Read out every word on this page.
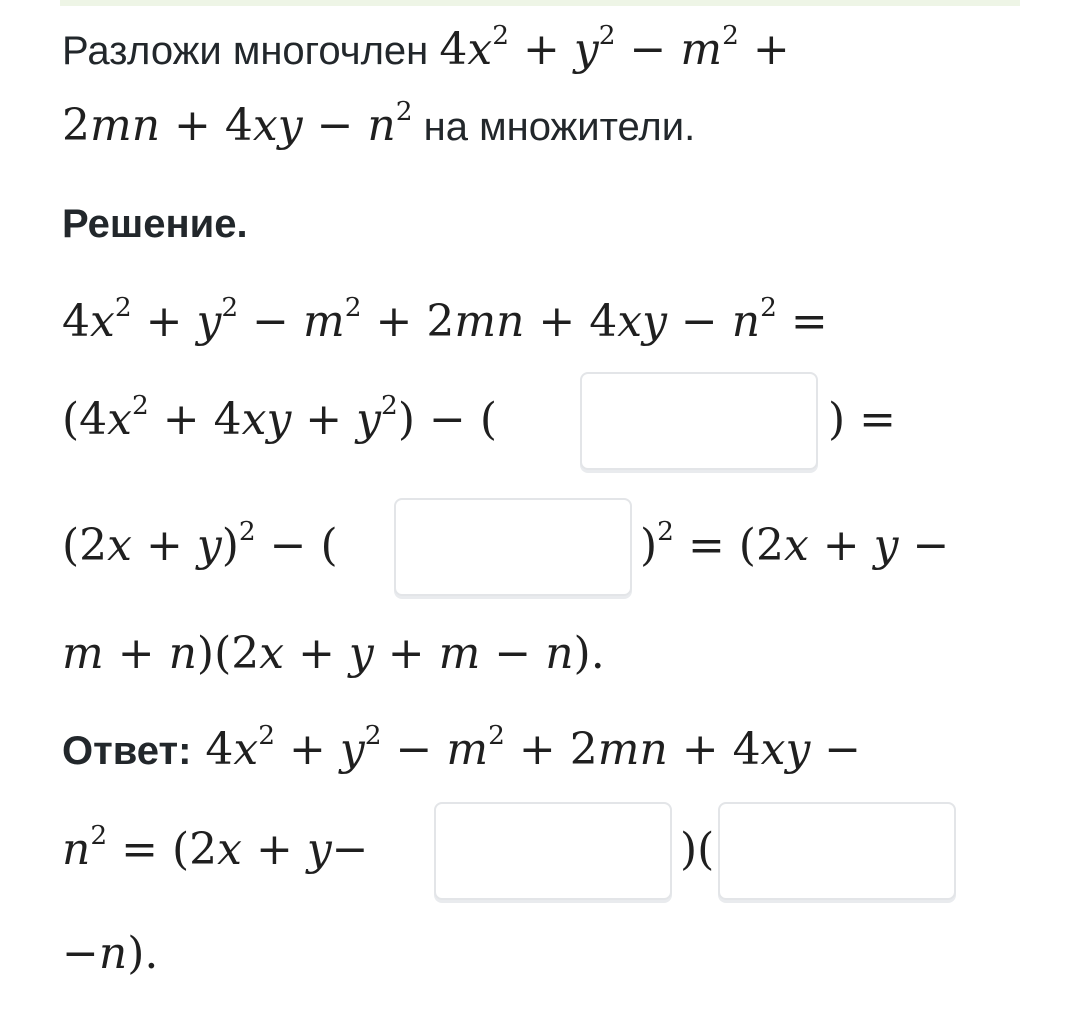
Разложи многочлен $4x^2 + y^2 - m^2$ +
$2mn + 4xy - n^2$ на множители.
Решение.
$4x^2 + y^2 - m^2 + 2mn + 4xy - n^2$ =
$(4x^2 + 4xy + y^2)$ − (	) =
$(2x + y)^2$ − (	)$^2$ = (2x + y −
m + n)(2x + y + m − n).
Ответ: $4x^2 + y^2 - m^2 + 2mn + 4xy$ −
$n^2 = (2x + y-$	)(
−n).
